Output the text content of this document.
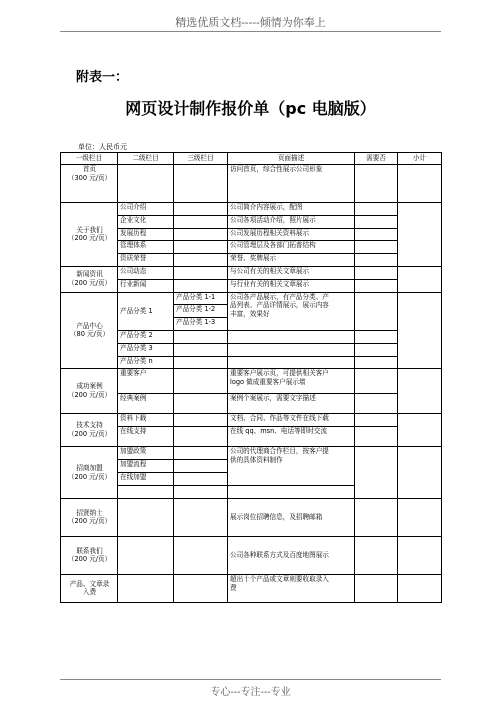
精选优质文档-----倾情为你奉上
附表一：
网页设计制作报价单（pc 电脑版）
单位：人民币元
一级栏目	二级栏目	三级栏目	页面描述	需要否	小计

首页
（300 元/页）			访问首页，综合性展示公司形象		

关于我们
（200 元/页）	公司介绍		公司简介内容展示，配图		
	企业文化		公司各项活动介绍，照片展示		
	发展历程		公司发展历程相关资料展示		
	管理体系		公司管理层及各部门拓普结构		
	资质荣誉		荣誉、奖牌展示		

新闻资讯
（200 元/页）	公司动态		与公司有关的相关文章展示		
	行业新闻		与行业有关的相关文章展示		

产品中心
（80 元/页）	产品分类 1	产品分类 1-1	公司各产品展示，有产品分类、产
品列表、产品详情展示，展示内容
丰富，效果好		

		产品分类 1-2			
		产品分类 1-3			
	产品分类 2				
	产品分类 3				
	产品分类 n				

成功案例
（200 元/页）	重要客户		重要客户展示页，可提供相关客户
logo 做成重要客户展示墙		

	经典案例		案例个案展示，需要文字描述		

技术支持
（200 元/页）	资料下载		文档、合同、作品等文件在线下载		
	在线支持		在线 qq、msn、电话等即时交流		

招商加盟
（200 元/页）	加盟政策		公司的代理商合作栏目，按客户提
供的具体资料制作		

	加盟流程				
	在线加盟				

招贤纳士
（200 元/页）			展示岗位招聘信息，及招聘邮箱		

联系我们
（200 元/页）			公司各种联系方式及百度地图展示		

产品、文章录
入费			超出十个产品或文章则要收取录入
费		

专心---专注---专业
